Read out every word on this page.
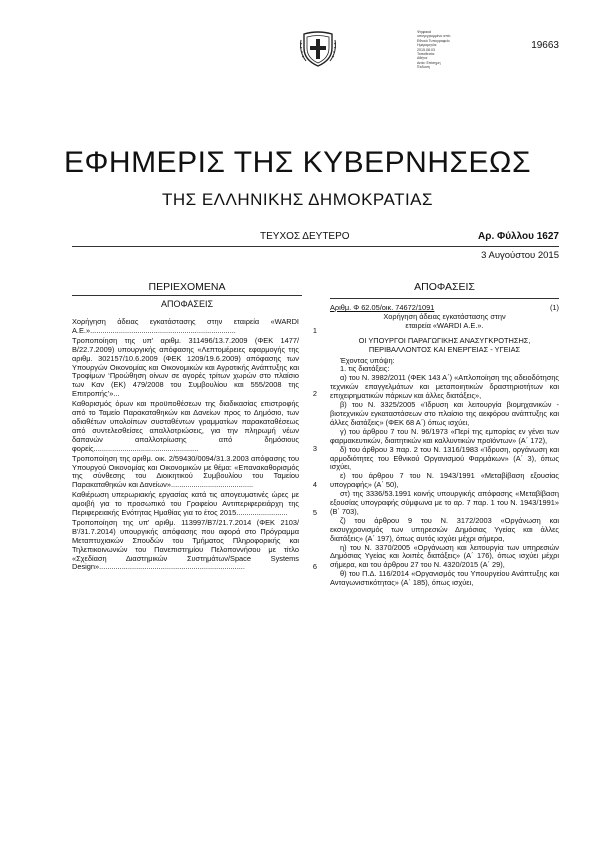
Ψηφιακά
υπογεγραμμένο από:
Εθνικό Τυπογραφείο
Ημερομηνία:
2015.08.03
Τοποθεσία:
Αθήνα
Αιτία: Επίσημη
Έκδοση
19663
ΕΦΗΜΕΡΙΣ ΤΗΣ ΚΥΒΕΡΝΗΣΕΩΣ
ΤΗΣ ΕΛΛΗΝΙΚΗΣ ΔΗΜΟΚΡΑΤΙΑΣ
ΤΕΥΧΟΣ ΔΕΥΤΕΡΟ	Αρ. Φύλλου 1627
3 Αυγούστου 2015
ΠΕΡΙΕΧΟΜΕΝΑ
ΑΠΟΦΑΣΕΙΣ
Χορήγηση άδειας εγκατάστασης στην εταιρεία «WARDI Α.Ε.».......................................................................	1
Τροποποίηση της υπ' αριθμ. 311496/13.7.2009 (ΦΕΚ 1477/Β/22.7.2009) υπουργικής απόφασης «Λεπτομέρειες εφαρμογής της αριθμ. 302157/10.6.2009 (ΦΕΚ 1209/19.6.2009) απόφασης των Υπουργών Οικονομίας και Οικονομικών και Αγροτικής Ανάπτυξης και Τροφίμων ‘Προώθηση οίνων σε αγορές τρίτων χωρών στο πλαίσιο των Καν (ΕΚ) 479/2008 του Συμβουλίου και 555/2008 της Επιτροπής’»...	2
Καθορισμός όρων και προϋποθέσεων της διαδικασίας επιστροφής από το Ταμείο Παρακαταθηκών και Δανείων προς το Δημόσιο, των αδιαθέτων υπολοίπων συσταθέντων γραμματίων παρακαταθέσεως από συντελεσθείσες απαλλοτριώσεις, για την πληρωμή νέων δαπανών απαλλοτρίωσης από δημόσιους φορείς...................................................	3
Τροποποίηση της αριθμ. οικ. 2/59430/0094/31.3.2003 απόφασης του Υπουργού Οικονομίας και Οικονομικών με θέμα: «Επανακαθορισμός της σύνθεσης του Διοικητικού Συμβουλίου του Ταμείου Παρακαταθηκών και Δανείων»........................................	4
Καθιέρωση υπερωριακής εργασίας κατά τις απογευματινές ώρες με αμοιβή για το προσωπικό του Γραφείου Αντιπεριφερειάρχη της Περιφερειακής Ενότητας Ημαθίας για το έτος 2015.........................	5
Τροποποίηση της υπ' αριθμ. 113997/Β7/21.7.2014 (ΦΕΚ 2103/Β'/31.7.2014) υπουργικής απόφασης που αφορά στο Πρόγραμμα Μεταπτυχιακών Σπουδών του Τμήματος Πληροφορικής και Τηλεπικοινωνιών του Πανεπιστημίου Πελοποννήσου με τίτλο «Σχεδίαση Διαστημικών Συστημάτων/Space Systems Design».......................................................................	6
ΑΠΟΦΑΣΕΙΣ
Αριθμ. Φ 62.05/οικ. 74672/1091	(1)
Χορήγηση άδειας εγκατάστασης στην εταιρεία «WARDI Α.Ε.».
ΟΙ ΥΠΟΥΡΓΟΙ ΠΑΡΑΓΩΓΙΚΗΣ ΑΝΑΣΥΓΚΡΟΤΗΣΗΣ, ΠΕΡΙΒΑΛΛΟΝΤΟΣ ΚΑΙ ΕΝΕΡΓΕΙΑΣ - ΥΓΕΙΑΣ

Έχοντας υπόψη:

1. τις διατάξεις:

α) του Ν. 3982/2011 (ΦΕΚ 143 Α΄) «Απλοποίηση της αδειοδότησης τεχνικών επαγγελμάτων και μεταποιητικών δραστηριοτήτων και επιχειρηματικών πάρκων και άλλες διατάξεις»,

β) του Ν. 3325/2005 «Ίδρυση και λειτουργία βιομηχανικών - βιοτεχνικών εγκαταστάσεων στο πλαίσιο της αειφόρου ανάπτυξης και άλλες διατάξεις» (ΦΕΚ 68 Α΄) όπως ισχύει,

γ) του άρθρου 7 του Ν. 96/1973 «Περί της εμπορίας εν γένει των φαρμακευτικών, διαιτητικών και καλλυντικών προϊόντων» (Α΄ 172),

δ) του άρθρου 3 παρ. 2 του Ν. 1316/1983 «Ίδρυση, οργάνωση και αρμοδιότητες του Εθνικού Οργανισμού Φαρμάκων» (Α΄ 3), όπως ισχύει,

ε) του άρθρου 7 του Ν. 1943/1991 «Μεταβίβαση εξουσίας υπογραφής» (Α΄ 50),

στ) της 3336/53.1991 κοινής υπουργικής απόφασης «Μεταβίβαση εξουσίας υπογραφής σύμφωνα με το αρ. 7 παρ. 1 του Ν. 1943/1991» (Β΄ 703),

ζ) του άρθρου 9 του Ν. 3172/2003 «Οργάνωση και εκσυγχρονισμός των υπηρεσιών Δημόσιας Υγείας και άλλες διατάξεις» (Α΄ 197), όπως αυτός ισχύει μέχρι σήμερα,

η) του Ν. 3370/2005 «Οργάνωση και λειτουργία των υπηρεσιών Δημόσιας Υγείας και λοιπές διατάξεις» (Α΄ 176), όπως ισχύει μέχρι σήμερα, και του άρθρου 27 του Ν. 4320/2015 (Α΄ 29),

θ) του Π.Δ. 116/2014 «Οργανισμός του Υπουργείου Ανάπτυξης και Ανταγωνιστικότητας» (Α΄ 185), όπως ισχύει,
